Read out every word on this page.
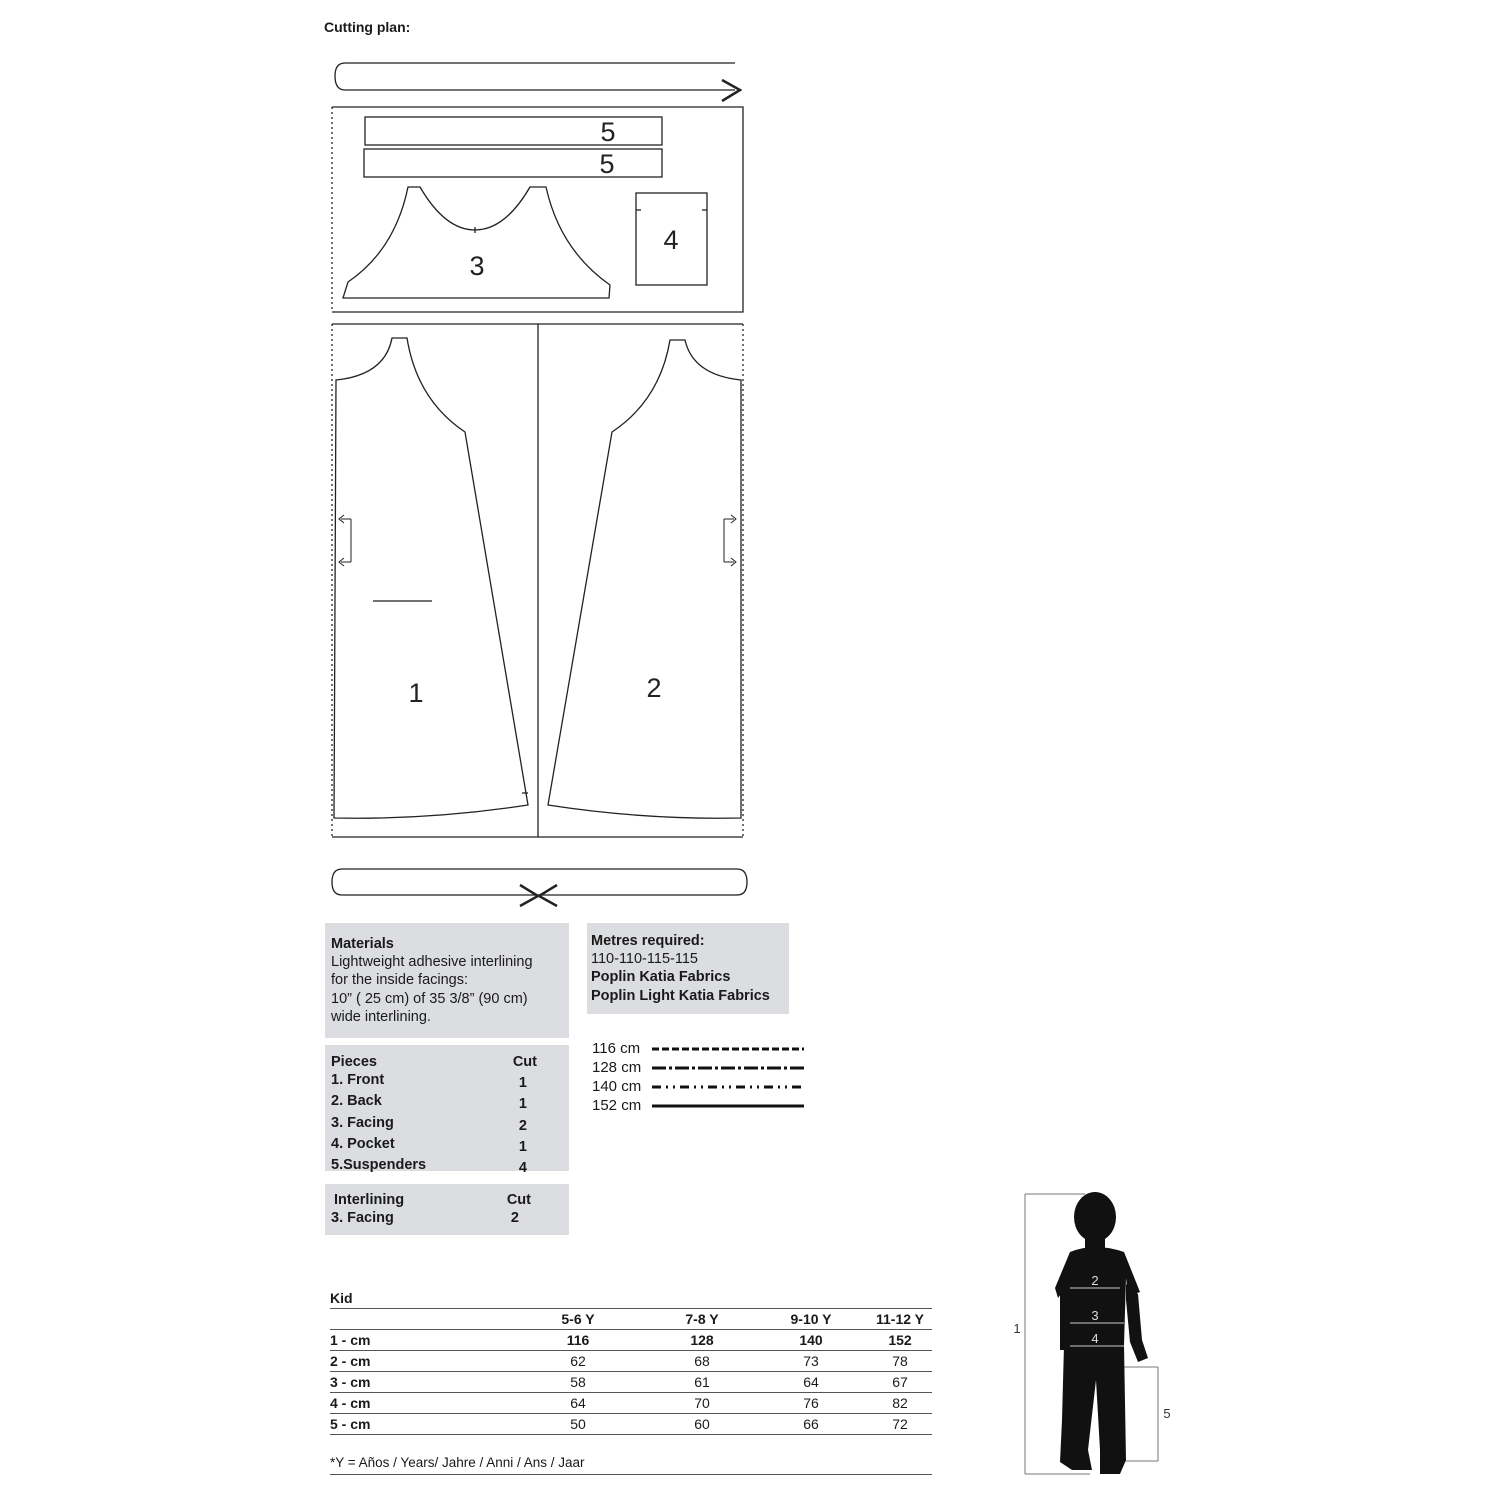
Cutting plan:
1	2
3
4
5
5
Materials
Lightweight adhesive interlining
for the inside facings:
10” ( 25 cm) of 35 3/8” (90 cm)
wide interlining.
Metres required:
110-110-115-115
Poplin Katia Fabrics
Poplin Light Katia Fabrics
Pieces	Cut
1. Front	1
2. Back	1
3. Facing	2
4. Pocket	1
5.Suspenders	4
Interlining	Cut
3. Facing	2
116 cm
128 cm
140 cm
152 cm
Kid				
	5-6 Y	7-8 Y	9-10 Y	11-12 Y
1 - cm	116	128	140	152
2 - cm	62	68	73	78
3 - cm	58	61	64	67
4 - cm	64	70	76	82
5 - cm	50	60	66	72
*Y = Años / Years/ Jahre / Anni / Ans / Jaar
1
2
3
4
5
